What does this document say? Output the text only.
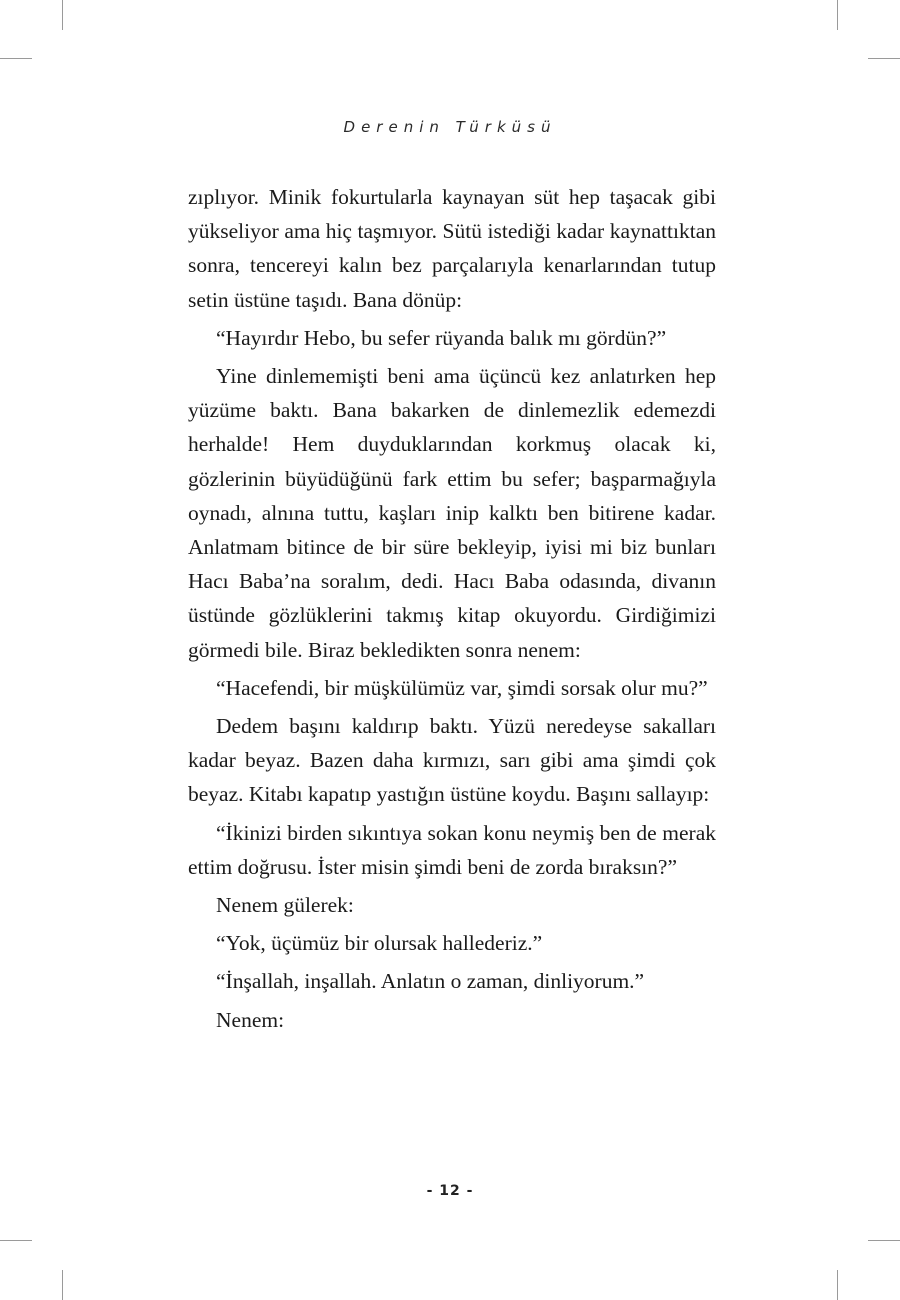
Derenin Türküsü

zıplıyor. Minik fokurtularla kaynayan süt hep taşacak gibi yükseliyor ama hiç taşmıyor. Sütü istediği kadar kaynattıktan sonra, tencereyi kalın bez parçalarıyla kenarlarından tutup setin üstüne taşıdı. Bana dönüp:

“Hayırdır Hebo, bu sefer rüyanda balık mı gördün?”

Yine dinlememişti beni ama üçüncü kez anlatırken hep yüzüme baktı. Bana bakarken de dinlemezlik edemezdi herhalde! Hem duyduklarından korkmuş olacak ki, gözlerinin büyüdüğünü fark ettim bu sefer; başparmağıyla oynadı, alnına tuttu, kaşları inip kalktı ben bitirene kadar. Anlatmam bitince de bir süre bekleyip, iyisi mi biz bunları Hacı Baba’na soralım, dedi. Hacı Baba odasında, divanın üstünde gözlüklerini takmış kitap okuyordu. Girdiğimizi görmedi bile. Biraz bekledikten sonra nenem:

“Hacefendi, bir müşkülümüz var, şimdi sorsak olur mu?”

Dedem başını kaldırıp baktı. Yüzü neredeyse sakalları kadar beyaz. Bazen daha kırmızı, sarı gibi ama şimdi çok beyaz. Kitabı kapatıp yastığın üstüne koydu. Başını sallayıp:

“İkinizi birden sıkıntıya sokan konu neymiş ben de merak ettim doğrusu. İster misin şimdi beni de zorda bıraksın?”

Nenem gülerek:

“Yok, üçümüz bir olursak hallederiz.”

“İnşallah, inşallah. Anlatın o zaman, dinliyorum.”

Nenem:

- 12 -
